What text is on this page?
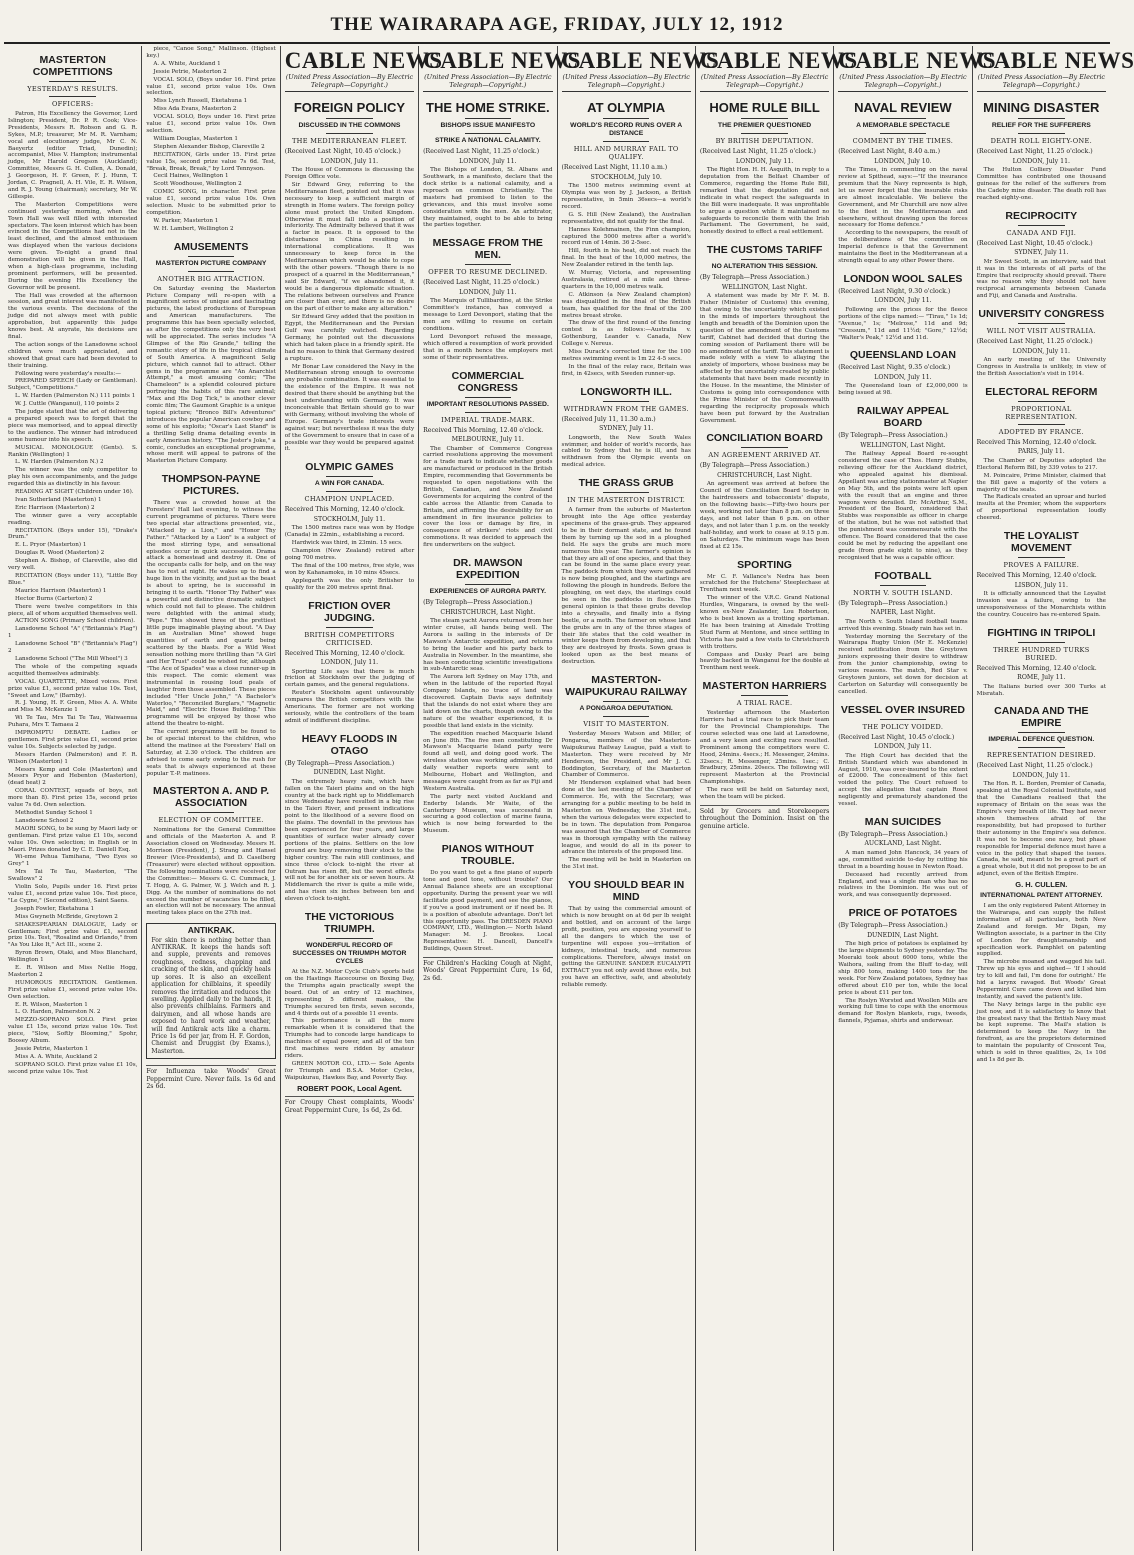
THE WAIRARAPA AGE, FRIDAY, JULY 12, 1912
MASTERTON COMPETITIONS
YESTERDAY'S RESULTS.
OFFICERS:
Patron, His Excellency the Governor, Lord Islington; President, Dr. P. R. Cook; Vice-Presidents, Messrs R. Robson and G. R. Sykes, M.P.; treasurer, Mr M. R. Varnham; vocal and elocutionary judge, Mr C. N. Baeyertz (editor Triad, Dunedin); accompanist, Miss V. Hampton; instrumental judge, Mr Harold Gregson (Auckland); Committee, Messrs G. H. Cullen, A. Donald, J. Georgeson, H. F. Green, F. J. Hunn, T. Jordan, C. Pragnell, A. H. Vile, E. R. Wilson, and R. J. Young (chairman); secretary, Mr W. Gillespie.
The Masterton Competitions were continued yesterday morning, when the Town Hall was well filled with interested spectators. The keen interest which has been evinced in the Competitions had not in the least declined, and the almost enthusiasm was displayed when the various decisions were given. To-night a grand final demonstration will be given in the Hall, when a high-class programme, including prominent performers, will be presented. During the evening His Excellency the Governor will be present.
The Hall was crowded at the afternoon session, and great interest was manifested in the various events. The decisions of the judge did not always meet with public approbation, but apparently this judge knows best. At anyrate, his decisions are final.
The action songs of the Lansdowne school children were much appreciated, and showed that great care had been devoted to their training.
Following were yesterday's results:—
PREPARED SPEECH (Lady or Gentleman). Subject, "Competitions."
L. W. Harden (Palmerston N.) 111 points 1
W. J. Cuttle (Wanganui), 110 points 2
The judge stated that the art of delivering a prepared speech was to forget that the piece was memorised, and to appeal directly to the audience. The winner had introduced some humour into his speech.
MUSICAL MONOLOGUE (Gents). S. Rankin (Wellington) 1
L. W. Harden (Palmerston N.) 2
The winner was the only competitor to play his own accompaniments, and the judge regarded this as distinctly in his favour.
READING AT SIGHT (Children under 16).
Ivan Sutherland (Masterton) 1
Eric Harrison (Masterton) 2
The winner gave a very acceptable reading.
RECITATION. (Boys under 15), "Drake's Drum."
E. L. Pryor (Masterton) 1
Douglas R. Wood (Masterton) 2
Stephen A. Bishop, of Clareville, also did very well.
RECITATION (Boys under 11), "Little Boy Blue."
Maurice Harrison (Masterton) 1
Hector Burns (Carterton) 2
There were twelve competitors in this piece, all of whom acquitted themselves well.
ACTION SONG (Primary School children).
Lansdowne School "A" ("Britannia's Flag") 1
Lansdowne School "B" ("Britannia's Flag") 2
Lansdowne School ("The Mill Wheel") 3
The whole of the competing squads acquitted themselves admirably.
VOCAL QUARTETTE, Mixed voices. First prize value £1, second prize value 10s. Test, "Sweet and Low," (Barnby).
R. J. Young, H. F. Green, Miss A. A. White and Miss M. McKenzie 1
Wi Te Tau, Mrs Tai Te Tau, Waiwaenua Puhara, Mrs T. Tamaea 2
IMPROMPTU DEBATE. Ladies or gentlemen. First prize value £1, second prize value 10s. Subjects selected by judge.
Messrs Harden (Palmerston) and F. R. Wilson (Masterton) 1
Messrs Kemp and Cole (Masterton) and Messrs Pryor and Hebenton (Masterton), (dead heat) 2
CORAL CONTEST, squads of boys, not more than 8). First prize 15s, second prize value 7s 6d. Own selection.
Methodist Sunday School 1
Lansdowne School 2
MAORI SONG, to be sung by Maori lady or gentleman. First prize value £1 10s, second value 10s. Own selection; in English or in Maori. Prizes donated by C. E. Daniell Esq.
Wi-eme Pehua Tamihana, "Two Eyes so Grey" 1
Mrs Tai Te Tau, Masterton, "The Swallows" 2
Violin Solo, Pupils under 16. First prize value £1, second prize value 10s. Test piece, "Le Cygne," (Second edition), Saint Saens.
Joseph Fowler, Eketahuna 1
Miss Gwyneth McBride, Greytown 2
SHAKESPEARIAN DIALOGUE, Lady or Gentleman; First prize value £1, second prize 10s. Test, "Rosalind and Orlando," from "As You Like It," Act III., scene 2.
Byron Brown, Otaki, and Miss Blanchard, Wellington 1
E. R. Wilson and Miss Nellie Hogg, Masterton 2
HUMOROUS RECITATION. Gentlemen. First prize value £1, second prize value 10s. Own selection.
E. R. Wilson, Masterton 1
L. O. Harden, Palmerston N. 2
MEZZO-SOPRANO SOLO. First prize value £1 15s, second prize value 10s. Test piece, "Slow, Softly Blooming," Spohr, Boosey Album.
Jessie Petrie, Masterton 1
Miss A. A. White, Auckland 2
SOPRANO SOLO. First prize value £1 10s, second prize value 10s. Test
piece, "Canoe Song," Mallinson. (Highest key.)
A. A. White, Auckland 1
Jessie Petrie, Masterton 2
VOCAL SOLO, (Boys under 16. First prize value £1, second prize value 10s. Own selection.
Miss Lynch Russell, Eketahuna 1
Miss Ada Evans, Masterton 2
VOCAL SOLO, Boys under 16. First prize value £1, second prize value 10s. Own selection.
William Douglas, Masterton 1
Stephen Alexander Bishop, Clareville 2
RECITATION, Girls under 15. First prize value 15s, second prize value 7s 6d. Test, "Break, Break, Break," by Lord Tennyson.
Cecil Haines, Wellington 1
Scott Woodhouse, Wellington 2
COMIC SONG, in character. First prize value £1, second prize value 10s. Own selection. Music to be submitted prior to competition.
W. Parker, Masterton 1
W. H. Lambert, Wellington 2
AMUSEMENTS
MASTERTON PICTURE COMPANY
ANOTHER BIG ATTRACTION.
On Saturday evening the Masterton Picture Company will re-open with a magnificent series of unique and fascinating pictures, the latest productions of European and American manufacturers. The programme this has been specially selected, as after the competitions only the very best will be appreciated. The series includes "A Glimpse of the Rio Grande," telling the romantic story of life in the tropical climate of South America. A magnificent Selig picture, which cannot fail to attract. Other gems in the programme are "An Anarchist Attempt," a most amusing comic; "The Chameleon" is a splendid coloured picture portraying the habits of this rare animal; "Max and His Dog Tick," is another clever comic film; The Gaumont Graphic is a unique topical picture; "Bronco Bill's Adventures" introduces the popular American cowboy and some of his exploits; "Oscar's Last Stand" is a thrilling Selig drama detailing events in early American history. "The Jester's Joke," a comic, concludes an exceptional programme, whose merit will appeal to patrons of the Masterton Picture Company.
THOMPSON-PAYNE PICTURES.
There was a crowded house at the Foresters' Hall last evening, to witness the current programme of pictures. There were two special star attractions presented, viz., "Attacked by a Lion," and "Honor Thy Father." "Attacked by a Lion" is a subject of the most stirring type, and sensational episodes occur in quick succession. Drama attack a homestead and destroy it. One of the occupants calls for help, and on the way has to rest at night. He wakes up to find a huge lion in the vicinity, and just as the beast is about to spring, he is successful in bringing it to earth. "Honor Thy Father" was a powerful and distinctive dramatic subject which could not fail to please. The children were delighted with the animal study, "Pepe." This showed three of the prettiest little pups imaginable playing about. "A Day in an Australian Mine" showed huge quantities of earth and quartz being scattered by the blasts. For a Wild West sensation nothing more thrilling than "A Girl and Her Trust" could be wished for, although "The Ace of Spades" was a close runner-up in this respect. The comic element was instrumental in rousing loud peals of laughter from those assembled. These pieces included "Her Uncle John," "A Bachelor's Waterloo," "Reconciled Burglars," "Magnetic Maid," and "Electric House Building." This programme will be enjoyed by those who attend the theatre to-night.
The current programme will be found to be of special interest to the children, who attend the matinee at the Foresters' Hall on Saturday, at 2.30 o'clock. The children are advised to come early owing to the rush for seats that is always experienced at these popular T.-P. matinees.
MASTERTON A. AND P. ASSOCIATION
ELECTION OF COMMITTEE.
Nominations for the General Committee and officials of the Masterton A. and P. Association closed on Wednesday. Messrs H. Morrison (President), J. Strang and Hansel Brewer (Vice-Presidents), and D. Caselberg (Treasurer) were elected without opposition. The following nominations were received for the Committee:— Messrs G. C. Cummack, J. T. Hogg, A. G. Palmer, W. J. Welch and R. J. Digg. As the number of nominations do not exceed the number of vacancies to be filled, an election will not be necessary. The annual meeting takes place on the 27th inst.
ANTIKRAK.
For skin there is nothing better than ANTIKRAK. It keeps the hands soft and supple, prevents and removes roughness, redness, chapping and cracking of the skin, and quickly heals up sores. It is also an excellent application for chilblains, it speedily removes the irritation and reduces the swelling. Applied daily to the hands, it also prevents chilblains. Farmers and dairymen, and all whose hands are exposed to hard work and weather, will find Antikrak acts like a charm. Price 1s 6d per jar, from H. F. Gordon, Chemist and Druggist (by Exams.), Masterton.
For Influenza take Woods' Great Peppermint Cure. Never fails. 1s 6d and 2s 6d.
CABLE NEWS
(United Press Association—By Electric Telegraph—Copyright.)
FOREIGN POLICY
DISCUSSED IN THE COMMONS
THE MEDITERRANEAN FLEET.
(Received Last Night, 10.45 o'clock.)
LONDON, July 11.
The House of Commons is discussing the Foreign Office vote.
Sir Edward Grey, referring to the Mediterranean fleet, pointed out that it was necessary to keep a sufficient margin of strength in Home waters. The foreign policy alone must protect the United Kingdom. Otherwise it must fall into a position of inferiority. The Admiralty believed that it was a factor in peace. It is opposed to the disturbance in China resulting in international complications. It was unnecessary to keep force in the Mediterranean which would be able to cope with the other powers. "Though there is no prospect of a quarrel in the Mediterranean," said Sir Edward, "if we abandoned it, it would be a dangerous diplomatic situation. The relations between ourselves and France are closer than ever, and there is no desire on the part of either to make any alteration."
Sir Edward Grey added that the position in Egypt, the Mediterranean and the Persian Gulf was carefully watched. Regarding Germany, he pointed out the discussions which had taken place in a friendly spirit. He had no reason to think that Germany desired a rupture.
Mr Bonar Law considered the Navy in the Mediterranean strong enough to overcome any probable combination. It was essential to the existence of the Empire. It was not desired that there should be anything but the best understanding with Germany. It was inconceivable that Britain should go to war with Germany, without involving the whole of Europe. Germany's trade interests were against war; but nevertheless it was the duty of the Government to ensure that in case of a possible war they would be prepared against it.
OLYMPIC GAMES
A WIN FOR CANADA.
CHAMPION UNPLACED.
Received This Morning, 12.40 o'clock.
STOCKHOLM, July 11.
The 1500 metres race was won by Hodge (Canada) in 22min., establishing a record.
Hardwick was third, in 23min. 15 secs.
Champion (New Zealand) retired after going 700 metres.
The final of the 100 metres, free style, was won by Kahanamoku, in 10 mins 45secs.
Applegarth was the only Britisher to qualify for the 200 metres sprint final.
FRICTION OVER JUDGING.
BRITISH COMPETITORS CRITICISED.
Received This Morning, 12.40 o'clock.
LONDON, July 11.
Sporting Life says that there is much friction at Stockholm over the judging of certain games, and the general regulations.
Reuter's Stockholm agent unfavourably compares the British competitors with the Americans. The former are not working seriously, while the controllers of the team admit of indifferent discipline.
HEAVY FLOODS IN OTAGO
(By Telegraph—Press Association.)
DUNEDIN, Last Night.
The extremely heavy rain, which have fallen on the Taieri plains and on the high country at the back right up to Middlemarch since Wednesday have resulted in a big rise in the Taieri River, and present indications point to the likelihood of a severe flood on the plains. The downfall in the previous has been experienced for four years, and large quantities of surface water already cover portions of the plains. Settlers on the low ground are busy removing their stock to the higher country. The rain still continues, and since three o'clock to-night the river at Outram has risen 8ft, but the worst effects will not be for another six or seven hours. At Middlemarch the river is quite a mile wide, and has risen six inches between ten and eleven o'clock to-night.
THE VICTORIOUS TRIUMPH.
WONDERFUL RECORD OF SUCCESSES ON TRIUMPH MOTOR CYCLES
At the N.Z. Motor Cycle Club's sports held on the Hastings Racecourse on Boxing Day, the Triumphs again practically swept the board. Out of an entry of 12 machines, representing 5 different makes, the Triumphs secured ten firsts, seven seconds, and 4 thirds out of a possible 11 events.
This performance is all the more remarkable when it is considered that the Triumphs had to concede large handicaps to machines of equal power, and all of the ten first machines were ridden by amateur riders.
GREEN MOTOR CO., LTD.— Sole Agents for Triumph and B.S.A. Motor Cycles, Waipukurau, Hawkes Bay, and Poverty Bay.
ROBERT POOK, Local Agent.
For Croupy Chest complaints, Woods' Great Peppermint Cure, 1s 6d, 2s 6d.
CABLE NEWS
(United Press Association—By Electric Telegraph—Copyright.)
THE HOME STRIKE.
BISHOPS ISSUE MANIFESTO
STRIKE A NATIONAL CALAMITY.
(Received Last Night, 11.25 o'clock.)
LONDON, July 11.
The Bishops of London, St. Albans and Southwark, in a manifesto, declare that the dock strike is a national calamity, and a reproach on common Christianity. The masters had promised to listen to the grievances, and this must involve some consideration with the men. An arbitrator, they maintained, ought to be able to bring the parties together.
MESSAGE FROM THE MEN.
OFFER TO RESUME DECLINED.
(Received Last Night, 11.25 o'clock.)
LONDON, July 11.
The Marquis of Tullibardine, at the Strike Committee's instance, has conveyed a message to Lord Devonport, stating that the men are willing to resume on certain conditions.
Lord Devonport refused the message, which offered a resumption of work provided that in a month hence the employers met some of their representatives.
COMMERCIAL CONGRESS
IMPORTANT RESOLUTIONS PASSED.
IMPERIAL TRADE-MARK.
Received This Morning, 12.40 o'clock.
MELBOURNE, July 11.
The Chamber of Commerce Congress carried resolutions approving the movement for a trade mark to indicate whether goods are manufactured or produced in the British Empire, recommending that Governments be requested to open negotiations with the British, Canadian, and New Zealand Governments for acquiring the control of the cable across the Atlantic from Canada to Britain, and affirming the desirability for an amendment in fire insurance policies to cover the loss or damage by fire, in consequence of strikers' riots and civil commotions. It was decided to approach the fire underwriters on the subject.
DR. MAWSON EXPEDITION
EXPERIENCES OF AURORA PARTY.
(By Telegraph—Press Association.)
CHRISTCHURCH, Last Night.
The steam yacht Aurora returned from her winter cruise, all hands being well. The Aurora is sailing in the interests of Dr Mawson's Antarctic expedition, and returns to bring the leader and his party back to Australia in November. In the meantime, she has been conducting scientific investigations in sub-Antarctic seas.
The Aurora left Sydney on May 17th, and when in the latitude of the reported Royal Company Islands, no trace of land was discovered. Captain Davis says definitely that the islands do not exist where they are laid down on the charts, though owing to the nature of the weather experienced, it is possible that land exists in the vicinity.
The expedition reached Macquarie Island on June 8th. The five men constituting Dr Mawson's Macquarie Island party were found all well, and doing good work. The wireless station was working admirably, and daily weather reports were sent to Melbourne, Hobart and Wellington, and messages were caught from as far as Fiji and Western Australia.
The party next visited Auckland and Enderby Islands. Mr Waite, of the Canterbury Museum, was successful in securing a good collection of marine fauna, which is now being forwarded to the Museum.
PIANOS WITHOUT TROUBLE.
Do you want to get a fine piano of superb tone and good tone, without trouble? Our Annual Balance sheets are an exceptional opportunity. During the present year we will facilitate good payment, and see the pianos, if you've a good instrument or if need be. It is a position of absolute advantage. Don't let this opportunity pass. The DRESDEN PIANO COMPANY, LTD., Wellington.— North Island Manager: M. J. Brookes. Local Representative: H. Dancell, Dancell's Buildings, Queen Street.
For Children's Hacking Cough at Night, Woods' Great Peppermint Cure, 1s 6d, 2s 6d.
CABLE NEWS
(United Press Association—By Electric Telegraph—Copyright.)
AT OLYMPIA
WORLD'S RECORD RUNS OVER A DISTANCE
HILL AND MURRAY FAIL TO QUALIFY.
(Received Last Night, 11.10 a.m.)
STOCKHOLM, July 10.
The 1500 metres swimming event at Olympia was won by J. Jackson, a British representative, in 5min 36secs—a world's record.
G. S. Hill (New Zealand), the Australian representative, did not qualify for the final.
Hannes Kolehmainen, the Finn champion, captured the 5000 metres after a world's record run of 14min. 36 2-5sec.
Hill, fourth in his heat, did not reach the final. In the heat of the 10,000 metres, the New Zealander retired in the tenth lap.
W. Murray, Victoria, and representing Australasia, retired at a mile and three-quarters in the 10,000 metres walk.
C. Atkinson (a New Zealand champion) was disqualified in the final of the British team, has qualified for the final of the 200 metres breast stroke.
The draw of the first round of the fencing contest is as follows:—Australia v. Gothenburg, Leander v. Canada, New College v. Nereus.
Miss Durack's corrected time for the 100 metres swimming event is 1m 22 4-5 secs.
In the final of the relay race, Britain was first, in 42secs, with Sweden runner-up.
LONGWORTH ILL.
WITHDRAWN FROM THE GAMES.
(Received July 11, 11.30 a.m.)
SYDNEY, July 11.
Longworth, the New South Wales swimmer, and holder of world's records, has cabled to Sydney that he is ill, and has withdrawn from the Olympic events on medical advice.
THE GRASS GRUB
IN THE MASTERTON DISTRICT.
A farmer from the suburbs of Masterton brought into the Age office yesterday specimens of the grass-grub. They appeared to be in their dormant state, and he found them by turning up the sod in a ploughed field. He says the grubs are much more numerous this year. The farmer's opinion is that they are all of one species, and that they can be found in the same place every year. The paddock from which they were gathered is now being ploughed, and the starlings are following the plough in hundreds. Before the ploughing, on wet days, the starlings could be seen in the paddocks in flocks. The general opinion is that these grubs develop into a chrysalis, and finally into a flying beetle, or a moth. The farmer on whose land the grubs are in any of the three stages of their life states that the cold weather in winter keeps them from developing, and that they are destroyed by frosts. Sown grass is looked upon as the best means of destruction.
MASTERTON-WAIPUKURAU RAILWAY
A PONGAROA DEPUTATION.
VISIT TO MASTERTON.
Yesterday Messrs Watson and Miller, of Pongaroa, members of the Masterton-Waipukurau Railway League, paid a visit to Masterton. They were received by Mr Henderson, the President, and Mr J. C. Boddington, Secretary, of the Masterton Chamber of Commerce.
Mr Henderson explained what had been done at the last meeting of the Chamber of Commerce. He, with the Secretary, was arranging for a public meeting to be held in Masterton on Wednesday, the 31st inst., when the various delegates were expected to be in town. The deputation from Pongaroa was assured that the Chamber of Commerce was in thorough sympathy with the railway league, and would do all in its power to advance the interests of the proposed line.
The meeting will be held in Masterton on the 31st inst.
YOU SHOULD BEAR IN MIND
That by using the commercial amount of which is now brought on at 6d per lb weight and bottled, and on account of the large profit, position, you are exposing yourself to all the dangers to which the use of turpentine will expose you—irritation of kidneys, intestinal track, and numerous complications. Therefore, always insist on getting the GENUINE SANDER EUCALYPTI EXTRACT you not only avoid those evils, but you have an effective, safe, and absolutely reliable remedy.
CABLE NEWS
(United Press Association—By Electric Telegraph—Copyright.)
HOME RULE BILL
THE PREMIER QUESTIONED
BY BRITISH DEPUTATION.
(Received Last Night, 11.25 o'clock.)
LONDON, July 11.
The Right Hon. H. H. Asquith, in reply to a deputation from the Belfast Chamber of Commerce, regarding the Home Rule Bill, remarked that the deputation did not indicate in what respect the safeguards in the Bill were inadequate. It was unprofitable to argue a question while it maintained no safeguards to reconcile them with the Irish Parliament. The Government, he said, honestly desired to effect a real settlement.
THE CUSTOMS TARIFF
NO ALTERATION THIS SESSION.
(By Telegraph—Press Association.)
WELLINGTON, Last Night.
A statement was made by Mr F. M. B. Fisher (Minister of Customs) this evening, that owing to the uncertainty which existed in the minds of importers throughout the length and breadth of the Dominion upon the question of the amendment of the Customs tariff, Cabinet had decided that during the coming session of Parliament there will be no amendment of the tariff. This statement is made solely with a view to allaying the anxiety of importers, whose business may be affected by the uncertainty created by public statements that have been made recently in the House. In the meantime, the Minister of Customs is going into correspondence with the Prime Minister of the Commonwealth regarding the reciprocity proposals which have been put forward by the Australian Government.
CONCILIATION BOARD
AN AGREEMENT ARRIVED AT.
(By Telegraph—Press Association.)
CHRISTCHURCH, Last Night.
An agreement was arrived at before the Council of the Conciliation Board to-day in the hairdressers and tobacconists' dispute, on the following basis:—Fifty-two hours per week, working not later than 8 p.m. on three days, and not later than 6 p.m. on other days, and not later than 1 p.m. on the weekly half-holiday, and work to cease at 9.15 p.m. on Saturdays. The minimum wage has been fixed at £2 15s.
SPORTING
Mr C. F. Vallance's Nedra has been scratched for the Hutchens' Steeplechase at Trentham next week.
The winner of the V.R.C. Grand National Hurdles, Wingarara, is owned by the well-known ex-New Zealander, Lou Robertson, who is best known as a trotting sportsman. He has been training at Ainsdale Trotting Stud Farm at Mentone, and since settling in Victoria has paid a few visits to Christchurch with trotters.
Compass and Dusky Pearl are being heavily backed in Wanganui for the double at Trentham next week.
MASTERTON HARRIERS
A TRIAL RACE.
Yesterday afternoon the Masterton Harriers had a trial race to pick their team for the Provincial Championships. The course selected was one laid at Lansdowne, and a very keen and exciting race resulted. Prominent among the competitors were C. Hood, 24mins. 4secs.; H. Messenger, 24mins. 32secs.; R. Messenger, 25mins. 1sec.; C. Bradbury, 25mins. 20secs. The following will represent Masterton at the Provincial Championships.
The race will be held on Saturday next, when the team will be picked.
Sold by Grocers and Storekeepers throughout the Dominion. Insist on the genuine article.
CABLE NEWS
(United Press Association—By Electric Telegraph—Copyright.)
NAVAL REVIEW
A MEMORABLE SPECTACLE
COMMENT BY THE TIMES.
(Received Last Night, 8.40 a.m.)
LONDON, July 10.
The Times, in commenting on the naval review at Spithead, says:—"If the insurance premium that the Navy represents is high, let us never forget that the insurable risks are almost incalculable. We believe the Government, and Mr Churchill are now alive to the fleet in the Mediterranean and elsewhere, without drawing upon the forces necessary for Home defence."
According to the newspapers, the result of the deliberations of the committee on Imperial defence is that the Government maintains the fleet in the Mediterranean at a strength equal to any other Power there.
LONDON WOOL SALES
(Received Last Night, 9.30 o'clock.)
LONDON, July 11.
Following are the prices for the fleece portions of the clips named:— "Tirau," 1s 1d; "Avenue," 1s; "Melrose," 11d and 9d; "Cressum," 11d and 11½d; "Gore," 12½d; "Walter's Peak," 12½d and 11d.
QUEENSLAND LOAN
(Received Last Night, 9.35 o'clock.)
LONDON, July 11.
The Queensland loan of £2,000,000 is being issued at 98.
RAILWAY APPEAL BOARD
(By Telegraph—Press Association.)
WELLINGTON, Last Night.
The Railway Appeal Board re-sought considered the case of Thos. Henry Stubbs, relieving officer for the Auckland district, who appealed against his dismissal. Appellant was acting stationmaster at Napier on May 5th, and the points were left open with the result that an engine and three wagons were derailed. Dr. McArthur, S.M., President of the Board, considered that Stubbs was responsible as officer in charge of the station, but he was not satisfied that the punishment was commensurate with the offence. The Board considered that the case could be met by reducing the appellant one grade (from grade eight to nine), as they recognised that he was a capable officer.
FOOTBALL
NORTH V. SOUTH ISLAND.
(By Telegraph—Press Association.)
NAPIER, Last Night.
The North v. South Island football teams arrived this evening. Steady rain has set in.
Yesterday morning the Secretary of the Wairarapa Rugby Union (Mr E. McKenzie) received notification from the Greytown juniors expressing their desire to withdraw from the junior championship, owing to various reasons. The match, Red Star v. Greytown juniors, set down for decision at Carterton on Saturday will consequently be cancelled.
VESSEL OVER INSURED
THE POLICY VOIDED.
(Received Last Night, 10.45 o'clock.)
LONDON, July 11.
The High Court has decided that the British Standard which was abandoned in August, 1910, was over-insured to the extent of £2000. The concealment of this fact voided the policy. The Court refused to accept the allegation that captain Rossi negligently and prematurely abandoned the vessel.
MAN SUICIDES
(By Telegraph—Press Association.)
AUCKLAND, Last Night.
A man named John Hancock, 34 years of age, committed suicide to-day by cutting his throat in a boarding house in Newton Road.
Deceased had recently arrived from England, and was a single man who has no relatives in the Dominion. He was out of work, and was consequently depressed.
PRICE OF POTATOES
(By Telegraph—Press Association.)
DUNEDIN, Last Night.
The high price of potatoes is explained by the large shipments to Sydney yesterday. The Moeraki took about 6000 tons, while the Waihora, sailing from the Bluff to-day, will ship 800 tons, making 1400 tons for the week. For New Zealand potatoes, Sydney has offered about £10 per ton, while the local price is about £11 per ton.
The Roslyn Worsted and Woollen Mills are working full time to cope with the enormous demand for Roslyn blankets, rugs, tweeds, flannels, Pyjamas, shirts and underwear.
CABLE NEWS
(United Press Association—By Electric Telegraph—Copyright.)
MINING DISASTER
RELIEF FOR THE SUFFERERS
DEATH ROLL EIGHTY-ONE.
(Received Last Night, 11.25 o'clock.)
LONDON, July 11.
The Hulton Colliery Disaster Fund Committee has contributed one thousand guineas for the relief of the sufferers from the Cadeby mine disaster. The death roll has reached eighty-one.
RECIPROCITY
CANADA AND FIJI.
(Received Last Night, 10.45 o'clock.)
SYDNEY, July 11.
Mr Sweet Scott, in an interview, said that it was in the interests of all parts of the Empire that reciprocity should prevail. There was no reason why they should not have reciprocal arrangements between Canada and Fiji, and Canada and Australia.
UNIVERSITY CONGRESS
WILL NOT VISIT AUSTRALIA.
(Received Last Night, 11.25 o'clock.)
LONDON, July 11.
An early meeting of the University Congress in Australia is unlikely, in view of the British Association's visit in 1914.
ELECTORAL REFORM
PROPORTIONAL REPRESENTATION.
ADOPTED BY FRANCE.
Received This Morning, 12.40 o'clock.
PARIS, July 11.
The Chamber of Deputies adopted the Electoral Reform Bill, by 339 votes to 217.
M. Poincaire, Prime Minister, claimed that the Bill gave a majority of the voters a majority of the seats.
The Radicals created an uproar and hurled insults at the Premier, whom the supporters of proportional representation loudly cheered.
THE LOYALIST MOVEMENT
PROVES A FAILURE.
Received This Morning, 12.40 o'clock.
LISBON, July 11.
It is officially announced that the Loyalist invasion was a failure, owing to the unresponsiveness of the Monarchists within the country. Couceiro has re-entered Spain.
FIGHTING IN TRIPOLI
THREE HUNDRED TURKS BURIED.
Received This Morning, 12.40 o'clock.
ROME, July 11.
The Italians buried over 300 Turks at Misratah.
CANADA AND THE EMPIRE
IMPERIAL DEFENCE QUESTION.
REPRESENTATION DESIRED.
(Received Last Night, 11.25 o'clock.)
LONDON, July 11.
The Hon. R. L. Borden, Premier of Canada, speaking at the Royal Colonial Institute, said that the Canadians realised that the supremacy of Britain on the seas was the Empire's very breath of life. They had never shown themselves afraid of the responsibility, but had proposed to further their autonomy in the Empire's sea defence. It was not to become one navy, but phase responsible for Imperial defence must have a voice in the policy that shaped the issues. Canada, he said, meant to be a great part of a great whole, but it did not propose to be an adjunct, even of the British Empire.
G. H. CULLEN.
INTERNATIONAL PATENT ATTORNEY.
I am the only registered Patent Attorney in the Wairarapa, and can supply the fullest information of all particulars, both New Zealand and foreign. Mr Digan, my Wellington associate, is a partner in the City of London for draughtsmanship and specification work. Pamphlet on patenting supplied.
The microbe moaned and wagged his tail. Threw up his eyes and sighed— 'If I should try to kill and fail, I'm done for outright.' He hid a larynx ravaged. But Woods' Great Peppermint Cure came down and killed him instantly, and saved the patient's life.
The Navy brings large in the public eye just now, and it is satisfactory to know that the greatest navy that the British Navy must be kept supreme. The Mail's station is determined to keep the Navy in the forefront, as are the proprietors determined to maintain the popularity of Crescent Tea, which is sold in three qualities, 2s, 1s 10d and 1s 8d per lb.
